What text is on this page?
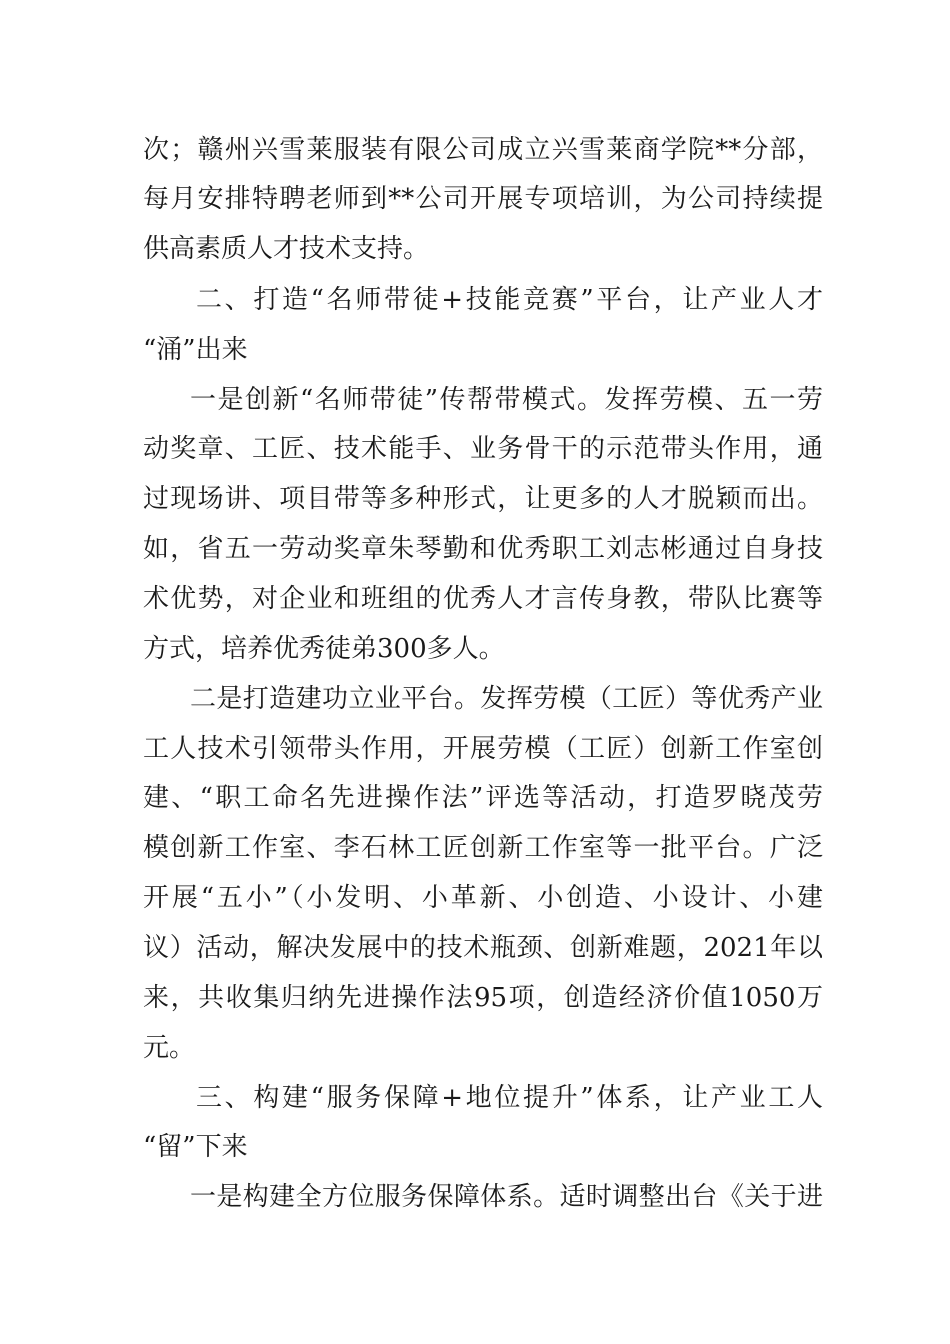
次；赣州兴雪莱服装有限公司成立兴雪莱商学院**分部，
每月安排特聘老师到**公司开展专项培训，为公司持续提
供高素质人才技术支持。
二、打造“名师带徒+技能竞赛”平台，让产业人才
“涌”出来
一是创新“名师带徒”传帮带模式。发挥劳模、五一劳
动奖章、工匠、技术能手、业务骨干的示范带头作用，通
过现场讲、项目带等多种形式，让更多的人才脱颖而出。
如，省五一劳动奖章朱琴勤和优秀职工刘志彬通过自身技
术优势，对企业和班组的优秀人才言传身教，带队比赛等
方式，培养优秀徒弟300多人。
二是打造建功立业平台。发挥劳模（工匠）等优秀产业
工人技术引领带头作用，开展劳模（工匠）创新工作室创
建、“职工命名先进操作法”评选等活动，打造罗晓茂劳
模创新工作室、李石林工匠创新工作室等一批平台。广泛
开展“五小”（小发明、小革新、小创造、小设计、小建
议）活动，解决发展中的技术瓶颈、创新难题，2021年以
来，共收集归纳先进操作法95项，创造经济价值1050万
元。
三、构建“服务保障+地位提升”体系，让产业工人
“留”下来
一是构建全方位服务保障体系。适时调整出台《关于进
